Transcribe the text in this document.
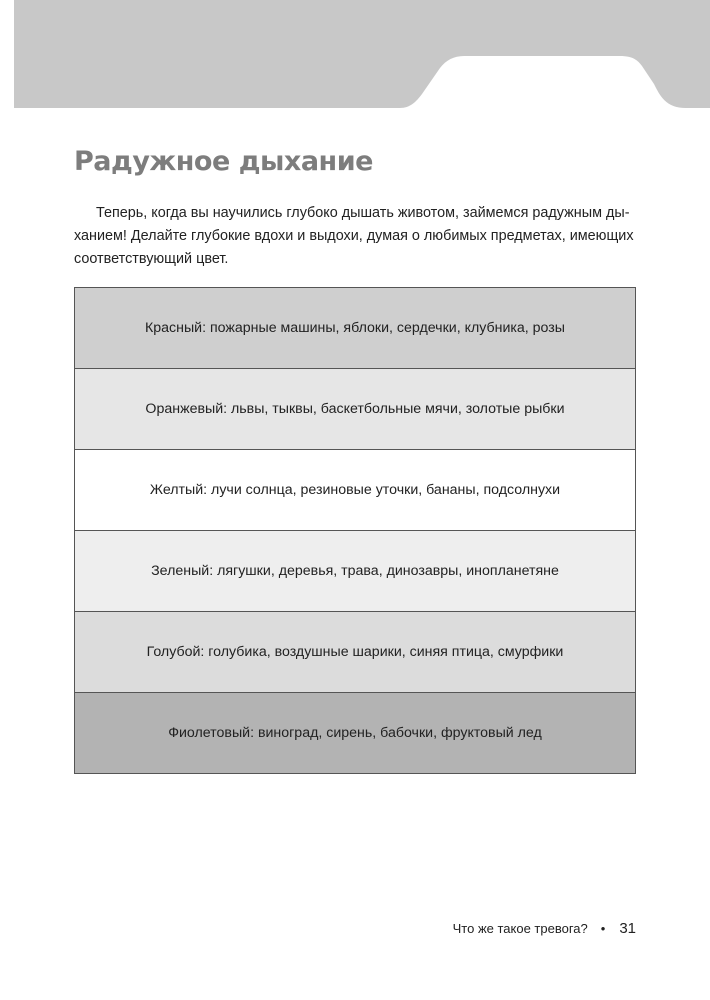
Радужное дыхание

Теперь, когда вы научились глубоко дышать животом, займемся радужным ды-
ханием! Делайте глубокие вдохи и выдохи, думая о любимых предметах, имеющих
соответствующий цвет.

Красный: пожарные машины, яблоки, сердечки, клубника, розы
Оранжевый: львы, тыквы, баскетбольные мячи, золотые рыбки
Желтый: лучи солнца, резиновые уточки, бананы, подсолнухи
Зеленый: лягушки, деревья, трава, динозавры, инопланетяне
Голубой: голубика, воздушные шарики, синяя птица, смурфики
Фиолетовый: виноград, сирень, бабочки, фруктовый лед
Что же такое тревога? • 31
